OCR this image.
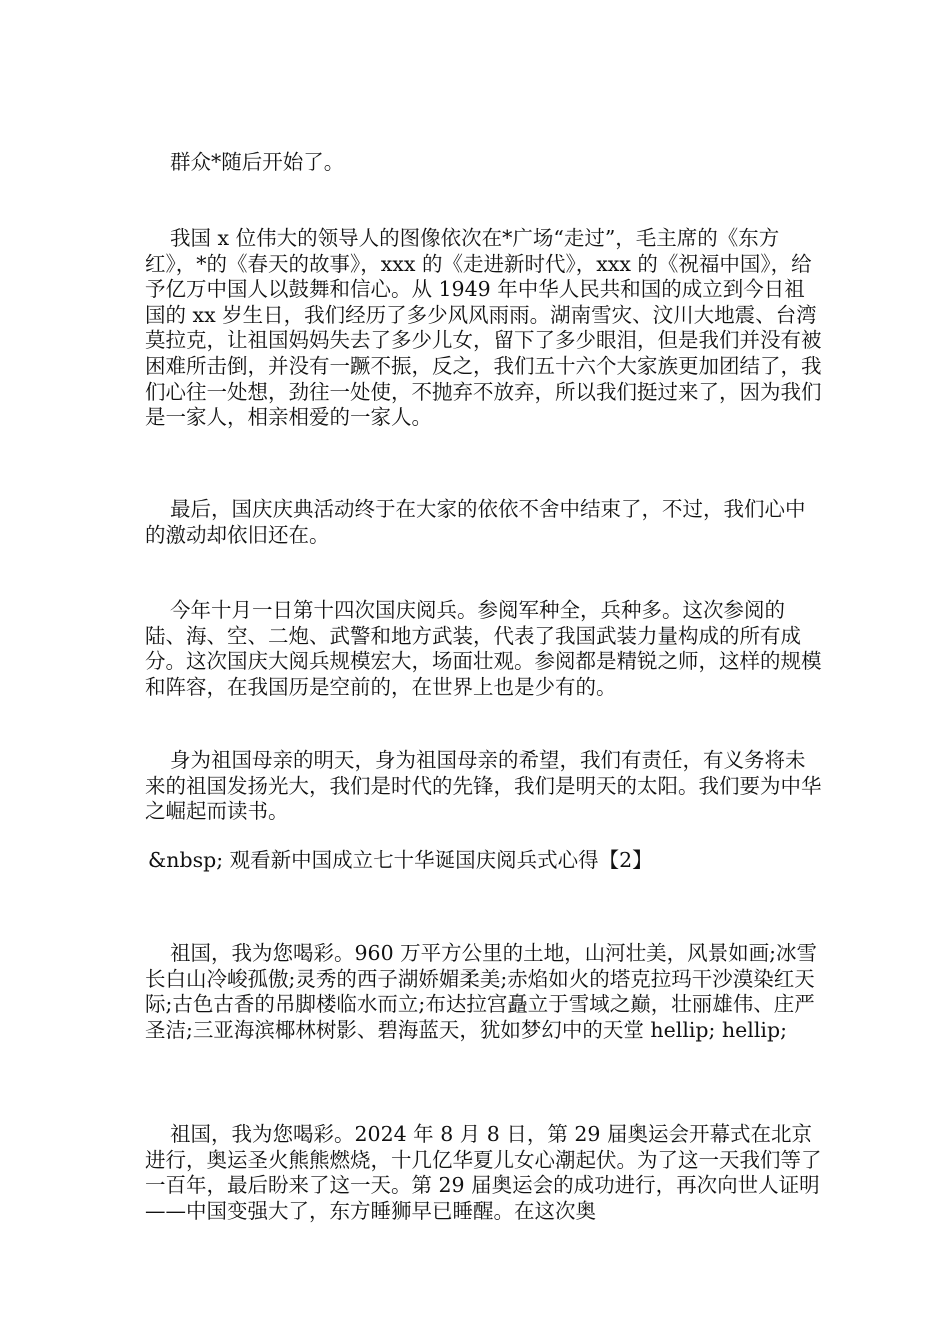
群众*随后开始了。

我国 x 位伟大的领导人的图像依次在*广场“走过”，毛主席的《东方红》，*的《春天的故事》，xxx 的《走进新时代》，xxx 的《祝福中国》，给予亿万中国人以鼓舞和信心。从 1949 年中华人民共和国的成立到今日祖国的 xx 岁生日，我们经历了多少风风雨雨。湖南雪灾、汶川大地震、台湾莫拉克，让祖国妈妈失去了多少儿女，留下了多少眼泪，但是我们并没有被困难所击倒，并没有一蹶不振，反之，我们五十六个大家族更加团结了，我们心往一处想，劲往一处使，不抛弃不放弃，所以我们挺过来了，因为我们是一家人，相亲相爱的一家人。

最后，国庆庆典活动终于在大家的依依不舍中结束了，不过，我们心中的激动却依旧还在。

今年十月一日第十四次国庆阅兵。参阅军种全，兵种多。这次参阅的陆、海、空、二炮、武警和地方武装，代表了我国武装力量构成的所有成分。这次国庆大阅兵规模宏大，场面壮观。参阅都是精锐之师，这样的规模和阵容，在我国历是空前的，在世界上也是少有的。

身为祖国母亲的明天，身为祖国母亲的希望，我们有责任，有义务将未来的祖国发扬光大，我们是时代的先锋，我们是明天的太阳。我们要为中华之崛起而读书。

&nbsp; 观看新中国成立七十华诞国庆阅兵式心得【2】

祖国，我为您喝彩。960 万平方公里的土地，山河壮美，风景如画;冰雪长白山冷峻孤傲;灵秀的西子湖娇媚柔美;赤焰如火的塔克拉玛干沙漠染红天际;古色古香的吊脚楼临水而立;布达拉宫矗立于雪域之巅，壮丽雄伟、庄严圣洁;三亚海滨椰林树影、碧海蓝天，犹如梦幻中的天堂 hellip; hellip;

祖国，我为您喝彩。2024 年 8 月 8 日，第 29 届奥运会开幕式在北京进行，奥运圣火熊熊燃烧，十几亿华夏儿女心潮起伏。为了这一天我们等了一百年，最后盼来了这一天。第 29 届奥运会的成功进行，再次向世人证明——中国变强大了，东方睡狮早已睡醒。在这次奥
